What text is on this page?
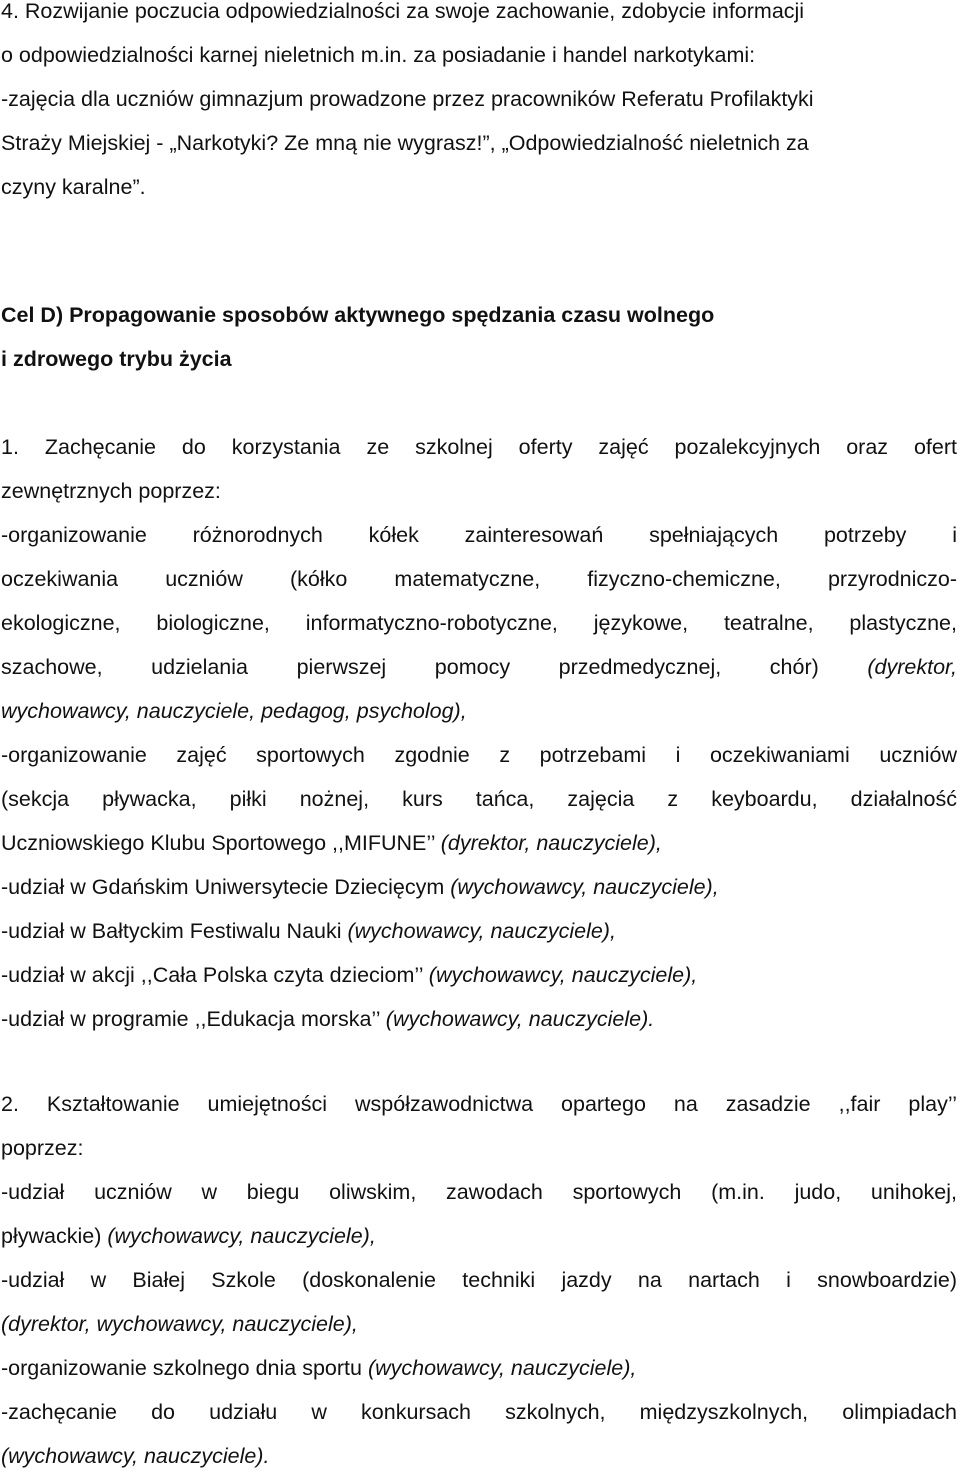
4. Rozwijanie poczucia odpowiedzialności za swoje zachowanie, zdobycie informacji
o odpowiedzialności karnej nieletnich m.in. za posiadanie i handel narkotykami:
-zajęcia dla uczniów gimnazjum prowadzone przez pracowników Referatu Profilaktyki
Straży Miejskiej - „Narkotyki? Ze mną nie wygrasz!”, „Odpowiedzialność nieletnich za
czyny karalne”.
Cel D) Propagowanie sposobów aktywnego spędzania czasu wolnego
i zdrowego trybu życia
1. Zachęcanie do korzystania ze szkolnej oferty zajęć pozalekcyjnych oraz ofert
zewnętrznych poprzez:
-organizowanie różnorodnych kółek zainteresowań spełniających potrzeby i
oczekiwania uczniów (kółko matematyczne, fizyczno-chemiczne, przyrodniczo-
ekologiczne, biologiczne, informatyczno-robotyczne, językowe, teatralne, plastyczne,
szachowe, udzielania pierwszej pomocy przedmedycznej, chór) (dyrektor,
wychowawcy, nauczyciele, pedagog, psycholog),
-organizowanie zajęć sportowych zgodnie z potrzebami i oczekiwaniami uczniów
(sekcja pływacka, piłki nożnej, kurs tańca, zajęcia z keyboardu, działalność
Uczniowskiego Klubu Sportowego ,,MIFUNE’’ (dyrektor, nauczyciele),
-udział w Gdańskim Uniwersytecie Dziecięcym (wychowawcy, nauczyciele),
-udział w Bałtyckim Festiwalu Nauki (wychowawcy, nauczyciele),
-udział w akcji ,,Cała Polska czyta dzieciom’’ (wychowawcy, nauczyciele),
-udział w programie ,,Edukacja morska’’ (wychowawcy, nauczyciele).
2. Kształtowanie umiejętności współzawodnictwa opartego na zasadzie ,,fair play’’
poprzez:
-udział uczniów w biegu oliwskim, zawodach sportowych (m.in. judo, unihokej,
pływackie) (wychowawcy, nauczyciele),
-udział w Białej Szkole (doskonalenie techniki jazdy na nartach i snowboardzie)
(dyrektor, wychowawcy, nauczyciele),
-organizowanie szkolnego dnia sportu (wychowawcy, nauczyciele),
-zachęcanie do udziału w konkursach szkolnych, międzyszkolnych, olimpiadach
(wychowawcy, nauczyciele).
